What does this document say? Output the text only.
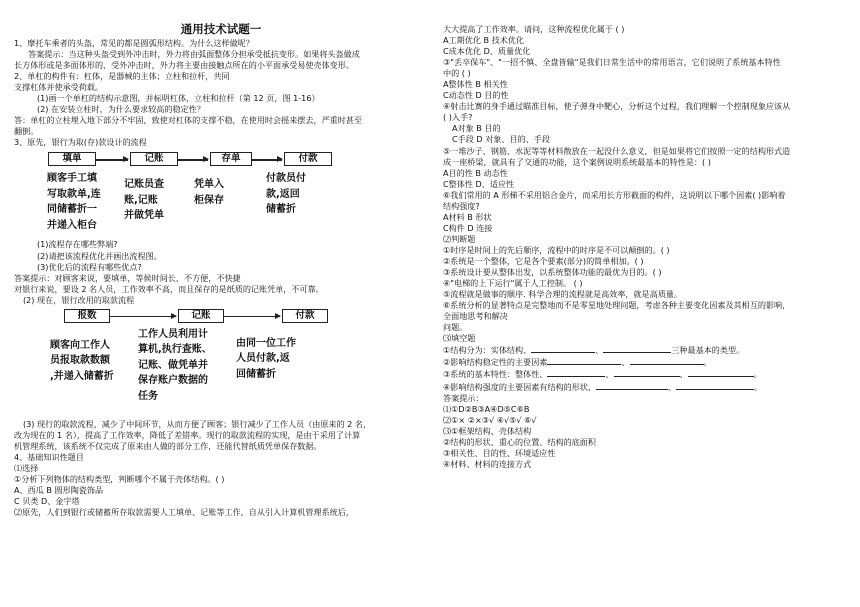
通用技术试题一
1、摩托车乘者的头盔，常见的都是圆弧形结构。为什么这样做呢？
答案提示：当这种头盔受到外冲击时，外力将由弧面整体分担承受抵抗变形。如果将头盔做成
长方体形或是多面体形的，受外冲击时，外力将主要由接触点所在的小平面承受易使壳体变形。
2、单杠的构件有：杠体，是器械的主体；立柱和拉杆，共同
支撑杠体并使承受荷载。
(1)画一个单杠的结构示意图，并标明杠体，立柱和拉杆（第 12 页，图 1-16）
(2) 在安装立柱时，为什么要求较高的稳定性？
答：单杠的立柱埋入地下部分不牢固，致使对杠体的支撑不稳，在使用时会摇来摆去，严重时甚至
翻倒。
3、原先，银行为取(存)款设计的流程
填单	记账	存单	付款
顾客手工填
写取款单,连
同储蓄折一
并递入柜台
记账员查
账,记账
并做凭单
凭单入
柜保存
付款员付
款,返回
储蓄折
(1)流程存在哪些弊端?
(2)请把该流程优化并画出流程图。
(3)优化后的流程有哪些优点?
答案提示：对顾客来说，要填单，等候时间长，不方便，不快捷
对银行来说，要设 2 名人员，工作效率不高，而且保存的是纸质的记账凭单，不可靠。
(2) 现在，银行改用的取款流程
报数	记账	付款
顾客向工作人
员报取款数额
,并递入储蓄折
工作人员利用计
算机,执行查账、
记账、做凭单并
保存账户数据的
任务
由同一位工作
人员付款,返
回储蓄折
(3) 现行的取款流程，减少了中间环节，从而方便了顾客；银行减少了工作人员（由原来的 2 名，
改为现在的 1 名），提高了工作效率，降低了差错率。现行的取款流程的实现，是由于采用了计算
机管理系统，该系统不仅完成了原来由人做的部分工作，还能代替纸质凭单保存数据。
4、基础知识性题目
⑴选择
①分析下列物体的结构类型，判断哪个不属于壳体结构。( )
A、西瓜 B 圆形陶瓷饰品
C 贝类 D、金字塔
⑵原先，人们到银行或储蓄所存取款需要人工填单、记账等工作，自从引入计算机管理系统后，
大大提高了工作效率。请问，这种流程优化属于 ( )
A工期优化 B 技术优化
C成本优化 D、质量优化
③"丢卒保车"、"一招不慎、全盘皆输"是我们日常生活中的常用语言，它们说明了系统基本特性
中的 ( )
A整体性 B 相关性
C动态性 D 目的性
④射击比赛的身手通过瞄准目标，使子弹身中靶心，分析这个过程，我们理解一个控制现象应该从
( )入手?
A对象 B 目的
C手段 D 对象、目的、手段
⑤一堆沙子、钢筋、水泥等等材料散放在一起没什么意义，但是如果将它们按照一定的结构形式造
成一座桥梁，就具有了交通的功能，这个案例说明系统最基本的特性是：( )
A目的性 B 动态性
C整体性 D、适应性
⑥我们常用的 A 形梯不采用铝合金片，而采用长方形截面的构件，这说明以下哪个因素( )影响着
结构强度?
A材料 B 形状
C构件 D 连接
⑵判断题
①时序是时间上的先后顺序，流程中的时序是不可以颠倒的。( )
②系统是一个整体，它是各个要素(部分)的简单相加。( )
③系统设计要从整体出发，以系统整体功能的最优为目的。( )
④"电梯的上下运行"属于人工控制。 ( )
⑤流程就是做事的顺序. 科学合理的流程就是高效率，就是高质量。
⑥系统分析的显著特点是完整地而不是零星地处理问题，考虑各种主要变化因素及其相互的影响，
全面地思考和解决
问题。
⑶填空题
①结构分为：实体结构、	、	三种最基本的类型。
②影响结构稳定性的主要因素	、	。
③系统的基本特性：整体性、	、	、	。
④影响结构强度的主要因素有结构的形状、	、	。
答案提示：
⑴①D②B③A④D⑤C⑥B
⑵①× ②×③√ ④√⑤√ ⑥√
⑶①框架结构、壳体结构
②结构的形状、重心的位置、结构的底面积
③相关性、目的性、环境适应性
④材料、材料的连接方式
